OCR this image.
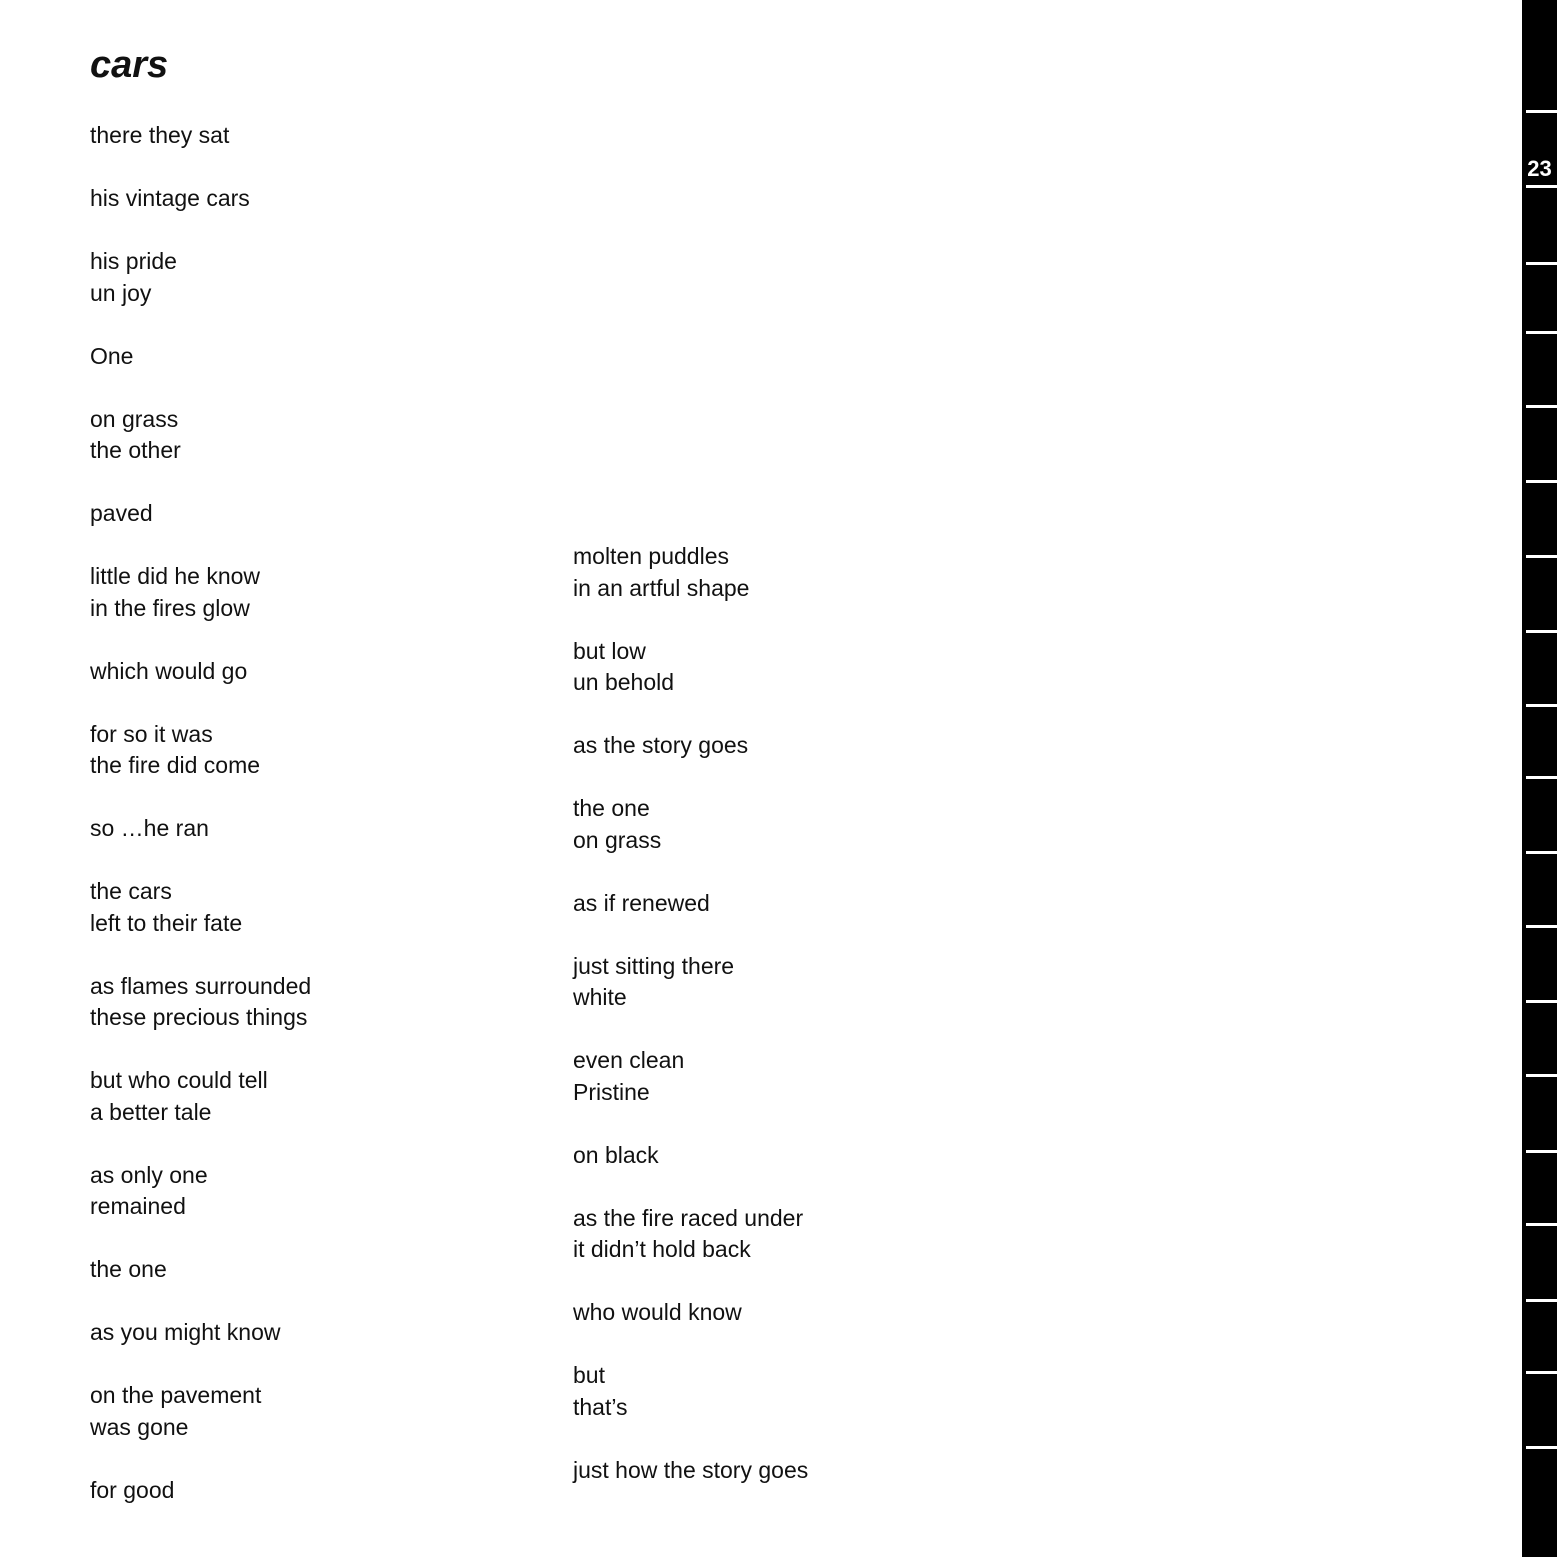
cars

there they sat

his vintage cars

his pride
un joy

One

on grass
the other

paved

little did he know
in the fires glow

which would go

for so it was
the fire did come

so …he ran

the cars
left to their fate

as flames surrounded
these precious things

but who could tell
a better tale

as only one
remained

the one

as you might know

on the pavement
was gone

for good

molten puddles
in an artful shape

but low
un behold

as the story goes

the one
on grass

as if renewed

just sitting there
white

even clean
Pristine

on black

as the fire raced under
it didn’t hold back

who would know

but
that’s

just how the story goes

23
